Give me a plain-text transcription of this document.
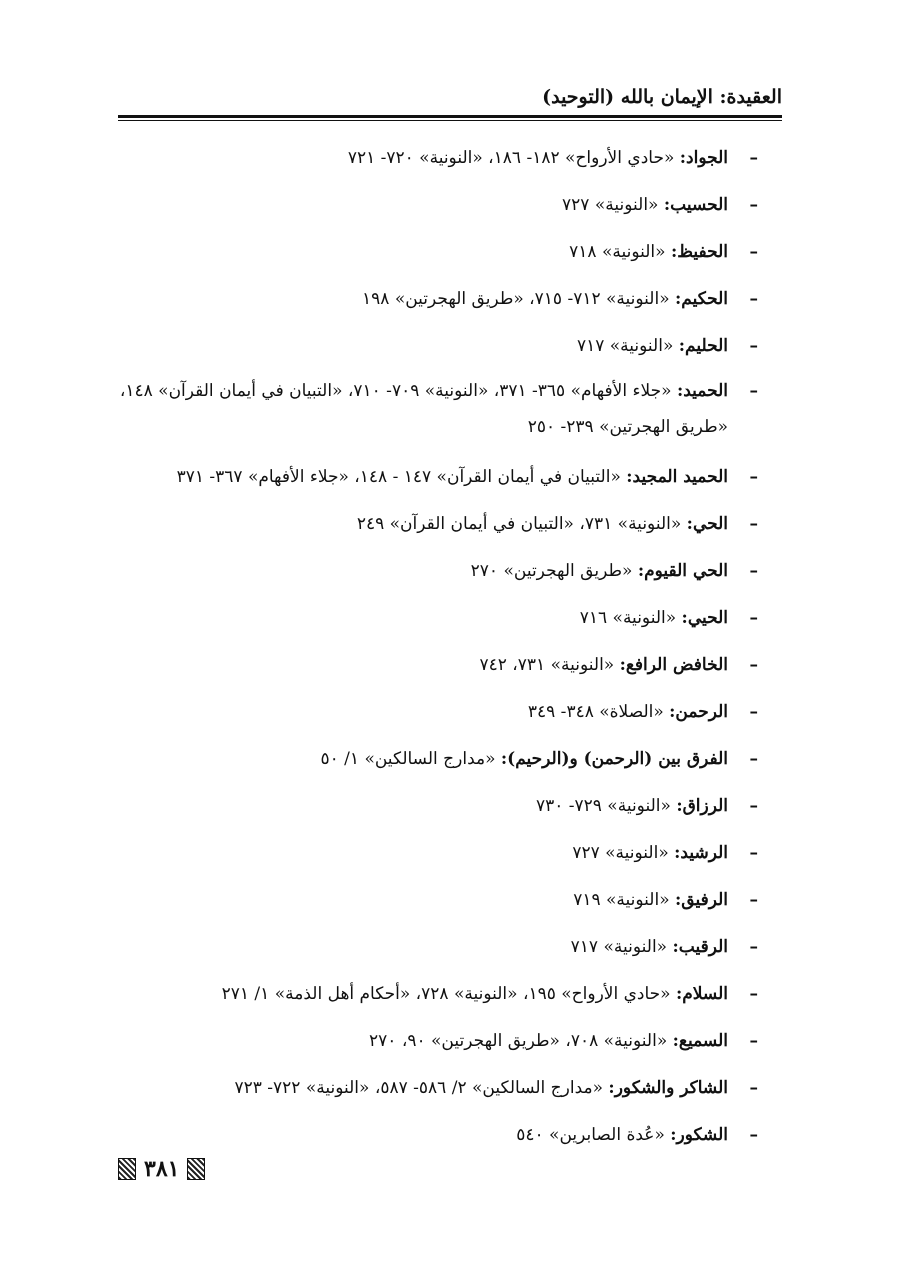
العقيدة: الإيمان بالله (التوحيد)
–
الجواد: «حادي الأرواح» ١٨٢- ١٨٦، «النونية» ٧٢٠- ٧٢١
–
الحسيب: «النونية» ٧٢٧
–
الحفيظ: «النونية» ٧١٨
–
الحكيم: «النونية» ٧١٢- ٧١٥، «طريق الهجرتين» ١٩٨
–
الحليم: «النونية» ٧١٧
–
الحميد: «جلاء الأفهام» ٣٦٥- ٣٧١، «النونية» ٧٠٩- ٧١٠، «التبيان في أيمان القرآن» ١٤٨، «طريق الهجرتين» ٢٣٩- ٢٥٠
–
الحميد المجيد: «التبيان في أيمان القرآن» ١٤٧ - ١٤٨، «جلاء الأفهام» ٣٦٧- ٣٧١
–
الحي: «النونية» ٧٣١، «التبيان في أيمان القرآن» ٢٤٩
–
الحي القيوم: «طريق الهجرتين» ٢٧٠
–
الحيي: «النونية» ٧١٦
–
الخافض الرافع: «النونية» ٧٣١، ٧٤٢
–
الرحمن: «الصلاة» ٣٤٨- ٣٤٩
–
الفرق بين (الرحمن) و(الرحيم): «مدارج السالكين» ١/ ٥٠
–
الرزاق: «النونية» ٧٢٩- ٧٣٠
–
الرشيد: «النونية» ٧٢٧
–
الرفيق: «النونية» ٧١٩
–
الرقيب: «النونية» ٧١٧
–
السلام: «حادي الأرواح» ١٩٥، «النونية» ٧٢٨، «أحكام أهل الذمة» ١/ ٢٧١
–
السميع: «النونية» ٧٠٨، «طريق الهجرتين» ٩٠، ٢٧٠
–
الشاكر والشكور: «مدارج السالكين» ٢/ ٥٨٦- ٥٨٧، «النونية» ٧٢٢- ٧٢٣
–
الشكور: «عُدة الصابرين» ٥٤٠
٣٨١
